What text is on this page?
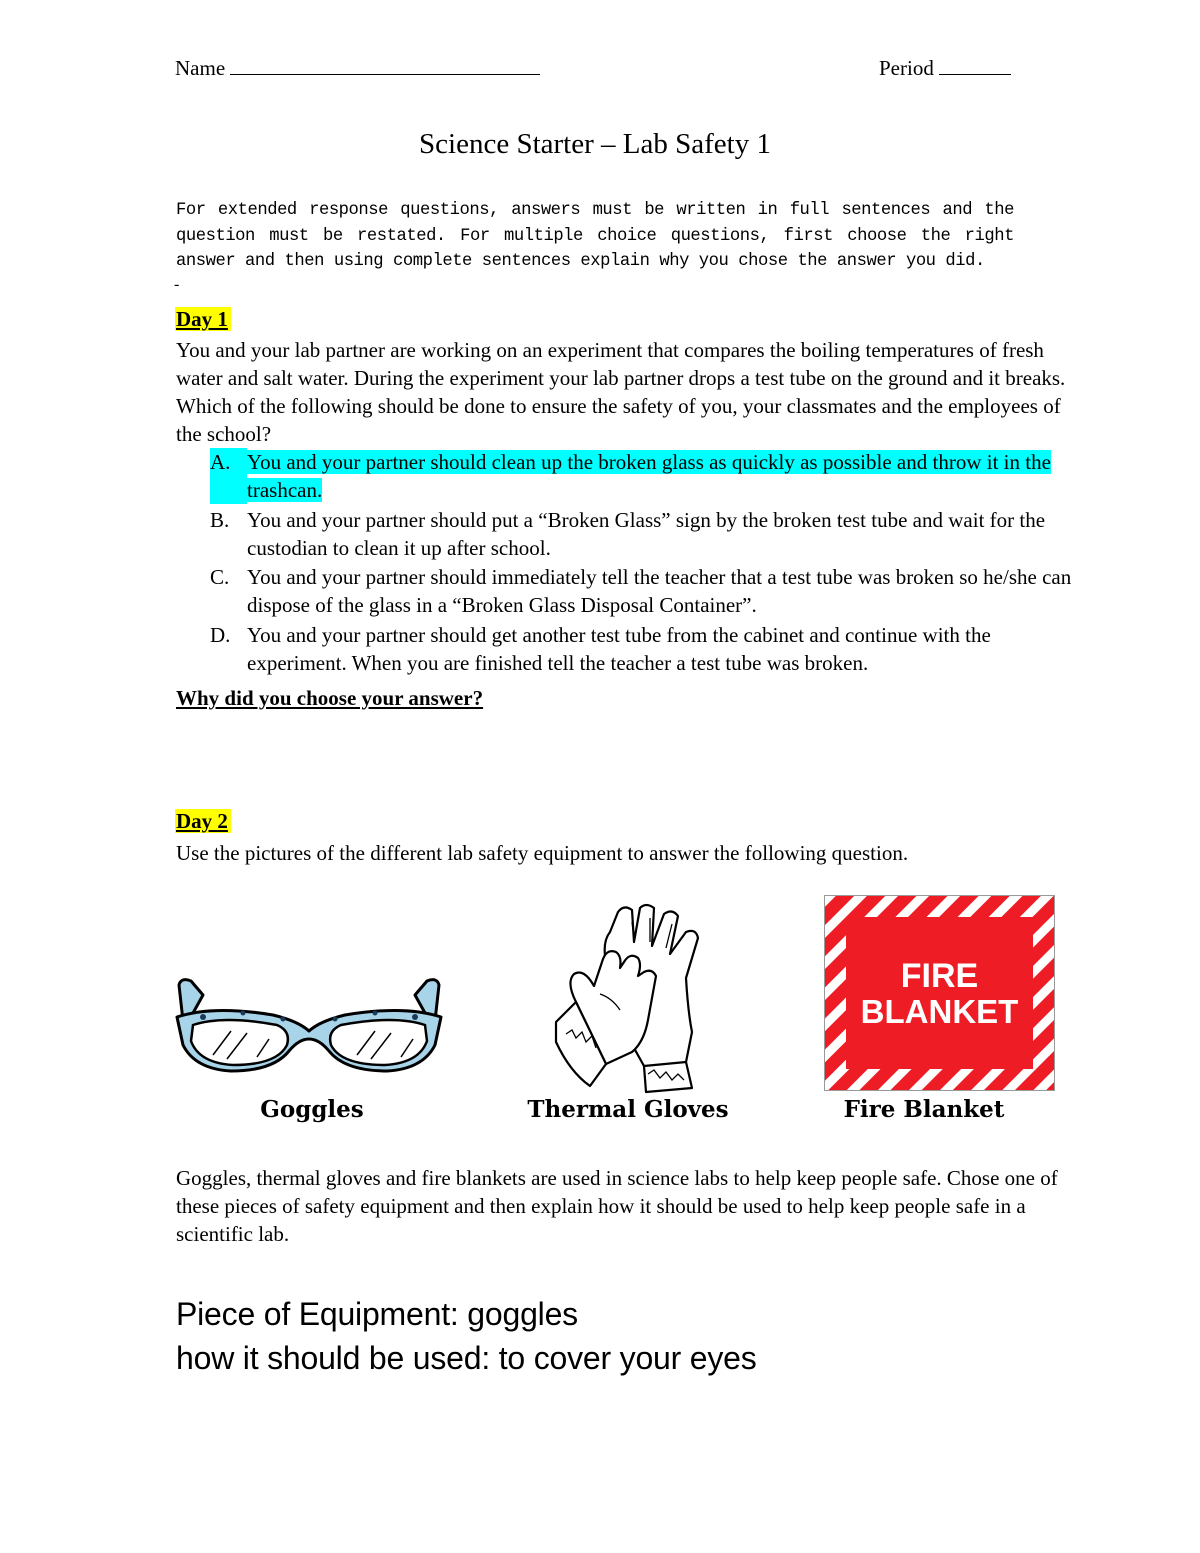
Name	Period
Science Starter – Lab Safety 1
For extended response questions, answers must be written in full sentences and the question must be restated. For multiple choice questions, first choose the right answer and then using complete sentences explain why you chose the answer you did.
-
Day 1
You and your lab partner are working on an experiment that compares the boiling temperatures of fresh water and salt water. During the experiment your lab partner drops a test tube on the ground and it breaks. Which of the following should be done to ensure the safety of you, your classmates and the employees of the school?
A. You and your partner should clean up the broken glass as quickly as possible and throw it in the trashcan.
B. You and your partner should put a “Broken Glass” sign by the broken test tube and wait for the custodian to clean it up after school.
C. You and your partner should immediately tell the teacher that a test tube was broken so he/she can dispose of the glass in a “Broken Glass Disposal Container”.
D. You and your partner should get another test tube from the cabinet and continue with the experiment. When you are finished tell the teacher a test tube was broken.
Why did you choose your answer?
Day 2
Use the pictures of the different lab safety equipment to answer the following question.
FIRE
BLANKET
Goggles	Thermal Gloves	Fire Blanket
Goggles, thermal gloves and fire blankets are used in science labs to help keep people safe. Chose one of these pieces of safety equipment and then explain how it should be used to help keep people safe in a scientific lab.
Piece of Equipment: goggles
how it should be used: to cover your eyes
